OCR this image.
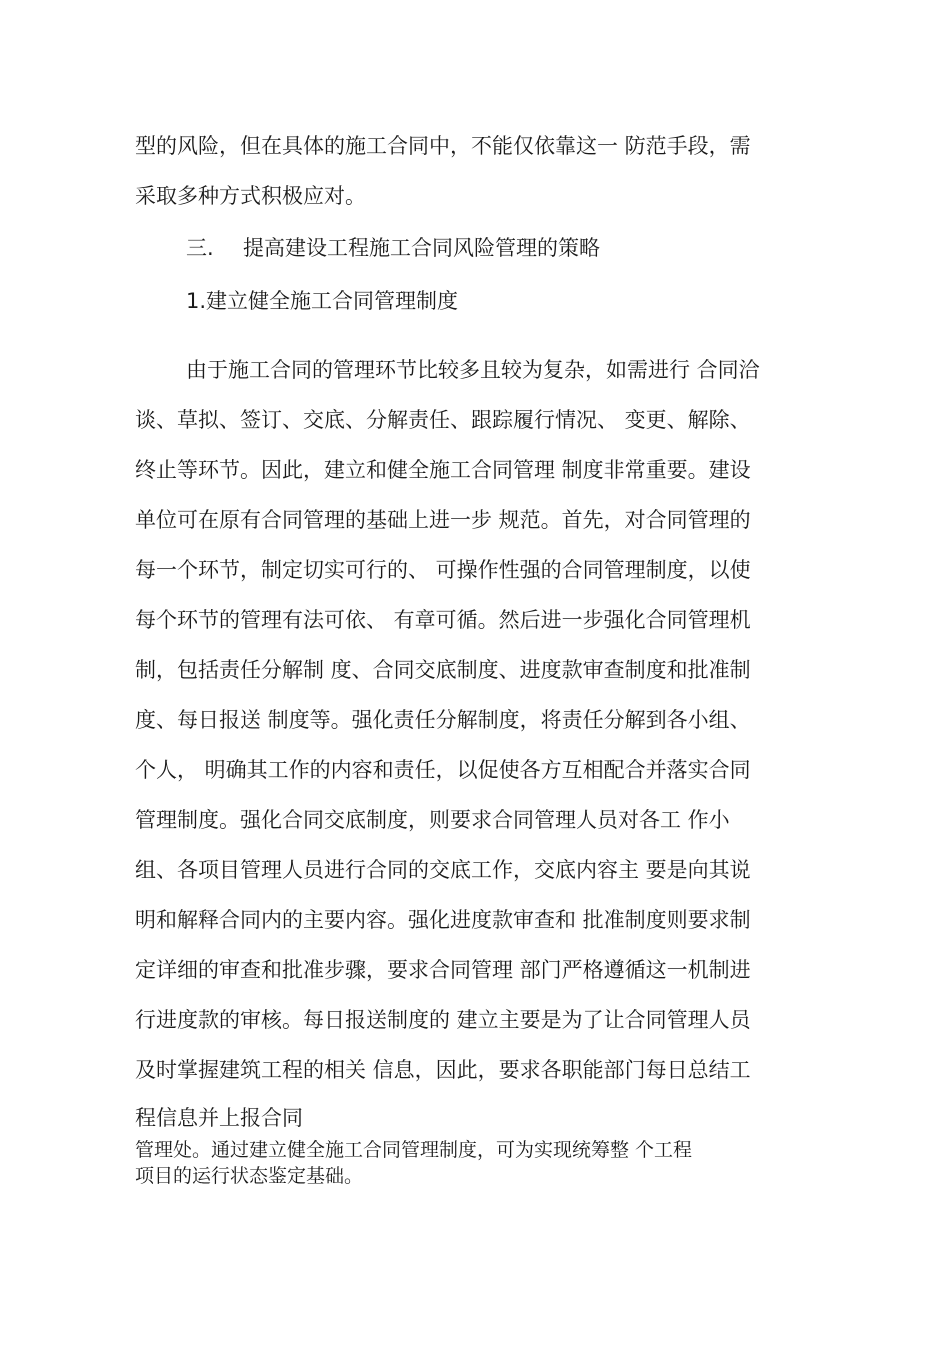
型的风险，但在具体的施工合同中，不能仅依靠这一 防范手段，需

采取多种方式积极应对。

三. 提高建设工程施工合同风险管理的策略

1.建立健全施工合同管理制度

由于施工合同的管理环节比较多且较为复杂，如需进行 合同洽

谈、草拟、签订、交底、分解责任、跟踪履行情况、 变更、解除、

终止等环节。因此，建立和健全施工合同管理 制度非常重要。建设

单位可在原有合同管理的基础上进一步 规范。首先，对合同管理的

每一个环节，制定切实可行的、 可操作性强的合同管理制度，以使

每个环节的管理有法可依、 有章可循。然后进一步强化合同管理机

制，包括责任分解制 度、合同交底制度、进度款审查制度和批准制

度、每日报送 制度等。强化责任分解制度，将责任分解到各小组、

个人， 明确其工作的内容和责任，以促使各方互相配合并落实合同

管理制度。强化合同交底制度，则要求合同管理人员对各工 作小

组、各项目管理人员进行合同的交底工作，交底内容主 要是向其说

明和解释合同内的主要内容。强化进度款审查和 批准制度则要求制

定详细的审查和批准步骤，要求合同管理 部门严格遵循这一机制进

行进度款的审核。每日报送制度的 建立主要是为了让合同管理人员

及时掌握建筑工程的相关 信息，因此，要求各职能部门每日总结工

程信息并上报合同

管理处。通过建立健全施工合同管理制度，可为实现统筹整 个工程

项目的运行状态鉴定基础。
